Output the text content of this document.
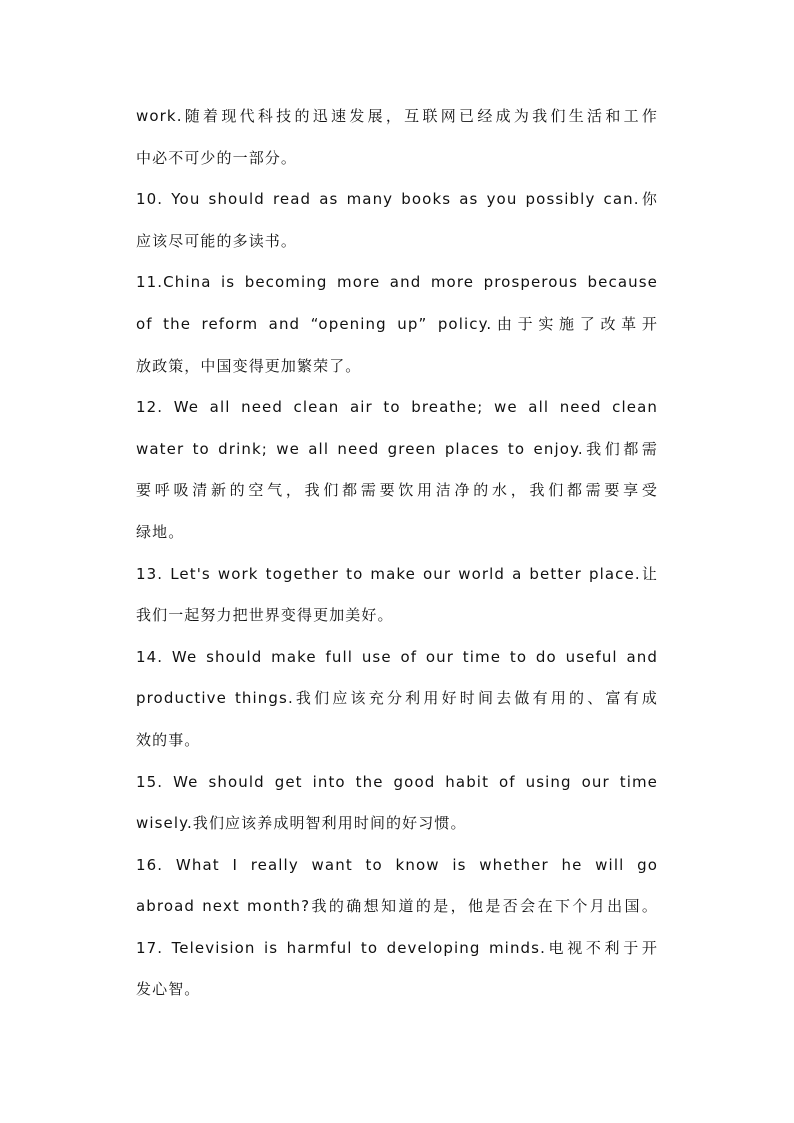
work.随着现代科技的迅速发展，互联网已经成为我们生活和工作
中必不可少的一部分。
10. You should read as many books as you possibly can.你
应该尽可能的多读书。
11.China is becoming more and more prosperous because
of the reform and “opening up” policy.由于实施了改革开
放政策，中国变得更加繁荣了。
12. We all need clean air to breathe; we all need clean
water to drink; we all need green places to enjoy.我们都需
要呼吸清新的空气，我们都需要饮用洁净的水，我们都需要享受
绿地。
13. Let's work together to make our world a better place.让
我们一起努力把世界变得更加美好。
14. We should make full use of our time to do useful and
productive things.我们应该充分利用好时间去做有用的、富有成
效的事。
15. We should get into the good habit of using our time
wisely.我们应该养成明智利用时间的好习惯。
16. What I really want to know is whether he will go
abroad next month?我的确想知道的是，他是否会在下个月出国。
17. Television is harmful to developing minds.电视不利于开
发心智。
